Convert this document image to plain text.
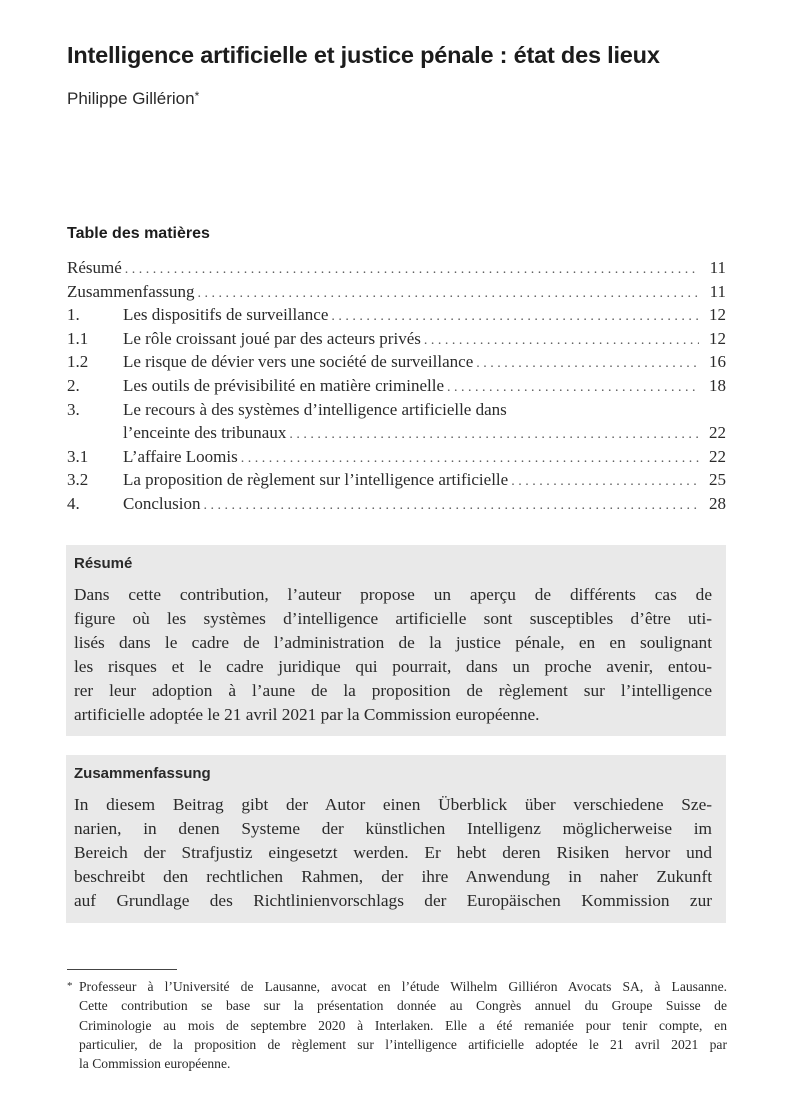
Intelligence artificielle et justice pénale : état des lieux

Philippe Gillérion*

Table des matières
Résumé . . .	11
Zusammenfassung . . .	11
1.	Les dispositifs de surveillance . . .	12
1.1	Le rôle croissant joué par des acteurs privés . . .	12
1.2	Le risque de dévier vers une société de surveillance . . .	16
2.	Les outils de prévisibilité en matière criminelle . . .	18
3.	Le recours à des systèmes d’intelligence artificielle dans
l’enceinte des tribunaux . . .	22
3.1	L’affaire Loomis . . .	22
3.2	La proposition de règlement sur l’intelligence artificielle . . .	25
4.	Conclusion . . .	28
Résumé

Dans cette contribution, l’auteur propose un aperçu de différents cas de
figure où les systèmes d’intelligence artificielle sont susceptibles d’être uti-
lisés dans le cadre de l’administration de la justice pénale, en en soulignant
les risques et le cadre juridique qui pourrait, dans un proche avenir, entou-
rer leur adoption à l’aune de la proposition de règlement sur l’intelligence
artificielle adoptée le 21 avril 2021 par la Commission européenne.

Zusammenfassung

In diesem Beitrag gibt der Autor einen Überblick über verschiedene Sze-
narien, in denen Systeme der künstlichen Intelligenz möglicherweise im
Bereich der Strafjustiz eingesetzt werden. Er hebt deren Risiken hervor und
beschreibt den rechtlichen Rahmen, der ihre Anwendung in naher Zukunft
auf Grundlage des Richtlinienvorschlags der Europäischen Kommission zur

* Professeur à l’Université de Lausanne, avocat en l’étude Wilhelm Gilliéron Avocats SA, à Lausanne.
Cette contribution se base sur la présentation donnée au Congrès annuel du Groupe Suisse de
Criminologie au mois de septembre 2020 à Interlaken. Elle a été remaniée pour tenir compte, en
particulier, de la proposition de règlement sur l’intelligence artificielle adoptée le 21 avril 2021 par
la Commission européenne.
